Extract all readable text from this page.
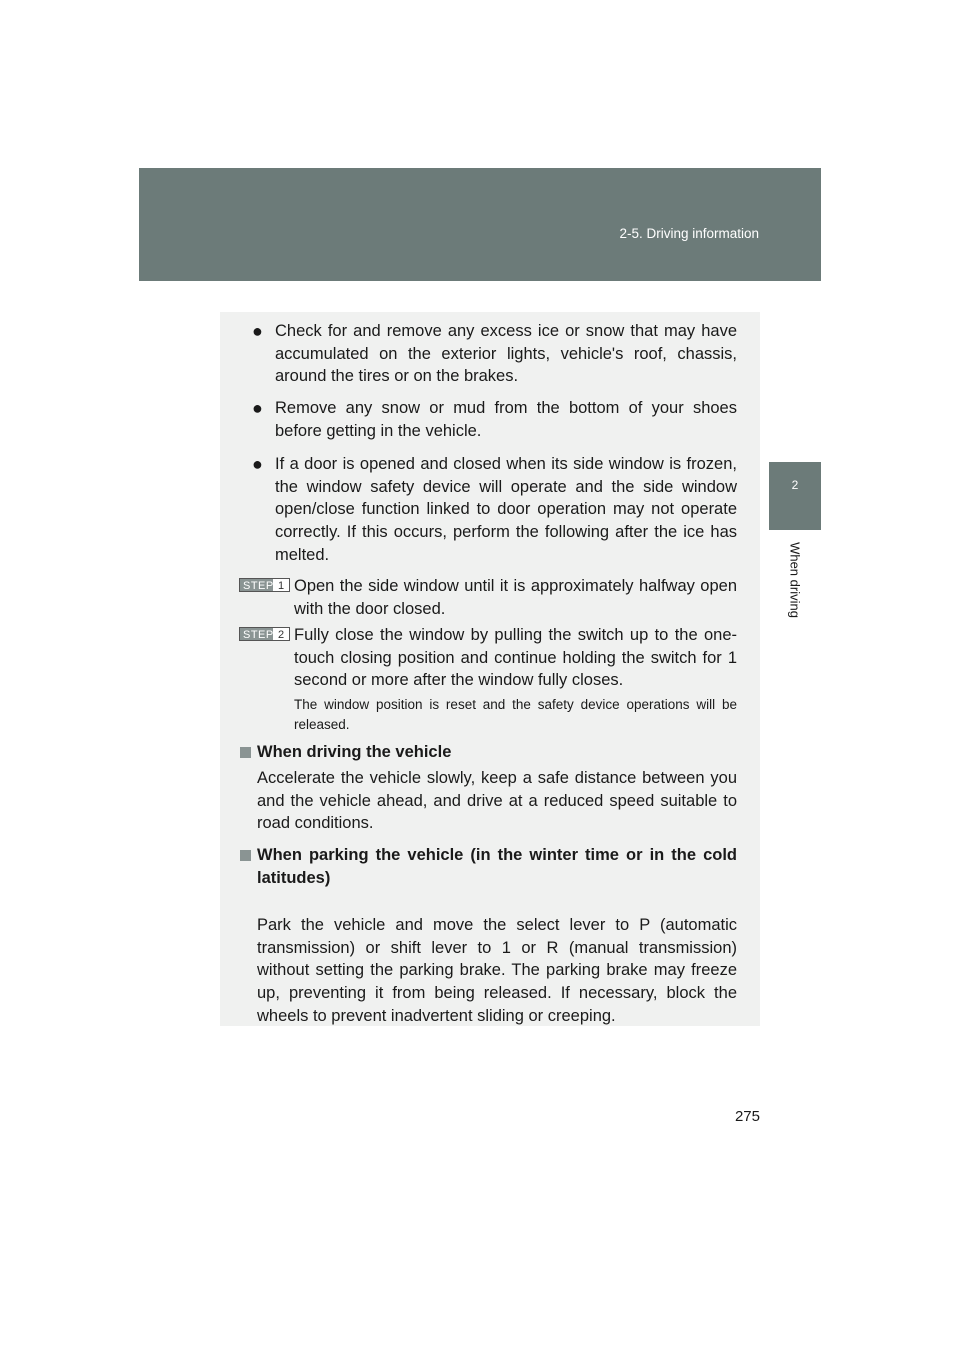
2-5. Driving information
2
When driving
● Check for and remove any excess ice or snow that may have accumulated on the exterior lights, vehicle's roof, chassis, around the tires or on the brakes.
● Remove any snow or mud from the bottom of your shoes before getting in the vehicle.
● If a door is opened and closed when its side window is frozen, the window safety device will operate and the side window open/close function linked to door operation may not operate correctly. If this occurs, perform the following after the ice has melted.
STEP 1 Open the side window until it is approximately halfway open with the door closed.
STEP 2 Fully close the window by pulling the switch up to the one-touch closing position and continue holding the switch for 1 second or more after the window fully closes.
The window position is reset and the safety device operations will be released.
When driving the vehicle
Accelerate the vehicle slowly, keep a safe distance between you and the vehicle ahead, and drive at a reduced speed suitable to road conditions.
When parking the vehicle (in the winter time or in the cold latitudes)
Park the vehicle and move the select lever to P (automatic transmission) or shift lever to 1 or R (manual transmission) without setting the parking brake. The parking brake may freeze up, preventing it from being released. If necessary, block the wheels to prevent inadvertent sliding or creeping.
275
